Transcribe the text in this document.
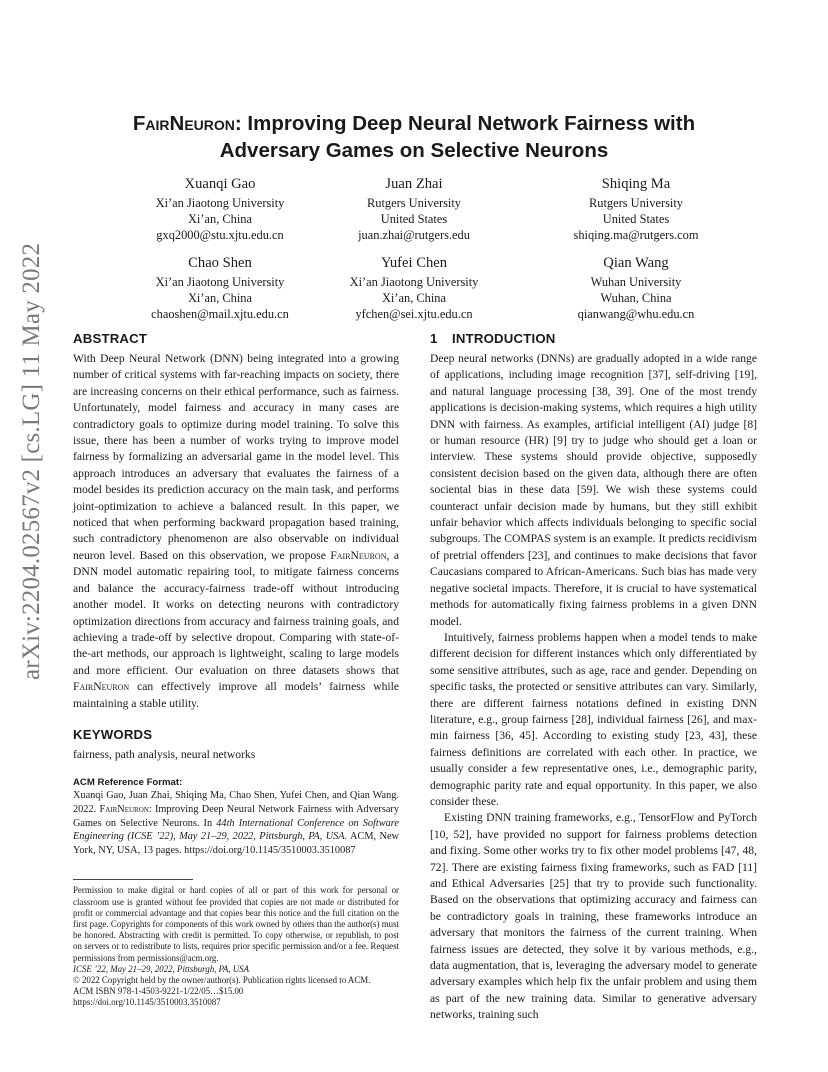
arXiv:2204.02567v2 [cs.LG] 11 May 2022
FairNeuron: Improving Deep Neural Network Fairness with
Adversary Games on Selective Neurons
Xuanqi Gao
Xi’an Jiaotong University
Xi’an, China
gxq2000@stu.xjtu.edu.cn
Juan Zhai
Rutgers University
United States
juan.zhai@rutgers.edu
Shiqing Ma
Rutgers University
United States
shiqing.ma@rutgers.com
Chao Shen
Xi’an Jiaotong University
Xi’an, China
chaoshen@mail.xjtu.edu.cn
Yufei Chen
Xi’an Jiaotong University
Xi’an, China
yfchen@sei.xjtu.edu.cn
Qian Wang
Wuhan University
Wuhan, China
qianwang@whu.edu.cn
ABSTRACT

With Deep Neural Network (DNN) being integrated into a growing number of critical systems with far-reaching impacts on society, there are increasing concerns on their ethical performance, such as fairness. Unfortunately, model fairness and accuracy in many cases are contradictory goals to optimize during model training. To solve this issue, there has been a number of works trying to improve model fairness by formalizing an adversarial game in the model level. This approach introduces an adversary that evaluates the fairness of a model besides its prediction accuracy on the main task, and performs joint-optimization to achieve a balanced result. In this paper, we noticed that when performing backward propagation based training, such contradictory phenomenon are also observable on individual neuron level. Based on this observation, we propose FairNeuron, a DNN model automatic repairing tool, to mitigate fairness concerns and balance the accuracy-fairness trade-off without introducing another model. It works on detecting neurons with contradictory optimization directions from accuracy and fairness training goals, and achieving a trade-off by selective dropout. Comparing with state-of-the-art methods, our approach is lightweight, scaling to large models and more efficient. Our evaluation on three datasets shows that FairNeuron can effectively improve all models’ fairness while maintaining a stable utility.

KEYWORDS

fairness, path analysis, neural networks

ACM Reference Format:
Xuanqi Gao, Juan Zhai, Shiqing Ma, Chao Shen, Yufei Chen, and Qian Wang. 2022. FairNeuron: Improving Deep Neural Network Fairness with Adversary Games on Selective Neurons. In 44th International Conference on Software Engineering (ICSE ’22), May 21–29, 2022, Pittsburgh, PA, USA. ACM, New York, NY, USA, 13 pages. https://doi.org/10.1145/3510003.3510087
Permission to make digital or hard copies of all or part of this work for personal or classroom use is granted without fee provided that copies are not made or distributed for profit or commercial advantage and that copies bear this notice and the full citation on the first page. Copyrights for components of this work owned by others than the author(s) must be honored. Abstracting with credit is permitted. To copy otherwise, or republish, to post on servers or to redistribute to lists, requires prior specific permission and/or a fee. Request permissions from permissions@acm.org.
ICSE ’22, May 21–29, 2022, Pittsburgh, PA, USA
© 2022 Copyright held by the owner/author(s). Publication rights licensed to ACM.
ACM ISBN 978-1-4503-9221-1/22/05…$15.00
https://doi.org/10.1145/3510003.3510087
1 INTRODUCTION

Deep neural networks (DNNs) are gradually adopted in a wide range of applications, including image recognition [37], self-driving [19], and natural language processing [38, 39]. One of the most trendy applications is decision-making systems, which requires a high utility DNN with fairness. As examples, artificial intelligent (AI) judge [8] or human resource (HR) [9] try to judge who should get a loan or interview. These systems should provide objective, supposedly consistent decision based on the given data, although there are often sociental bias in these data [59]. We wish these systems could counteract unfair decision made by humans, but they still exhibit unfair behavior which affects individuals belonging to specific social subgroups. The COMPAS system is an example. It predicts recidivism of pretrial offenders [23], and continues to make decisions that favor Caucasians compared to African-Americans. Such bias has made very negative societal impacts. Therefore, it is crucial to have systematical methods for automatically fixing fairness problems in a given DNN model.

Intuitively, fairness problems happen when a model tends to make different decision for different instances which only differentiated by some sensitive attributes, such as age, race and gender. Depending on specific tasks, the protected or sensitive attributes can vary. Similarly, there are different fairness notations defined in existing DNN literature, e.g., group fairness [28], individual fairness [26], and max-min fairness [36, 45]. According to existing study [23, 43], these fairness definitions are correlated with each other. In practice, we usually consider a few representative ones, i.e., demographic parity, demographic parity rate and equal opportunity. In this paper, we also consider these.

Existing DNN training frameworks, e.g., TensorFlow and PyTorch [10, 52], have provided no support for fairness problems detection and fixing. Some other works try to fix other model problems [47, 48, 72]. There are existing fairness fixing frameworks, such as FAD [11] and Ethical Adversaries [25] that try to provide such functionality. Based on the observations that optimizing accuracy and fairness can be contradictory goals in training, these frameworks introduce an adversary that monitors the fairness of the current training. When fairness issues are detected, they solve it by various methods, e.g., data augmentation, that is, leveraging the adversary model to generate adversary examples which help fix the unfair problem and using them as part of the new training data. Similar to generative adversary networks, training such
